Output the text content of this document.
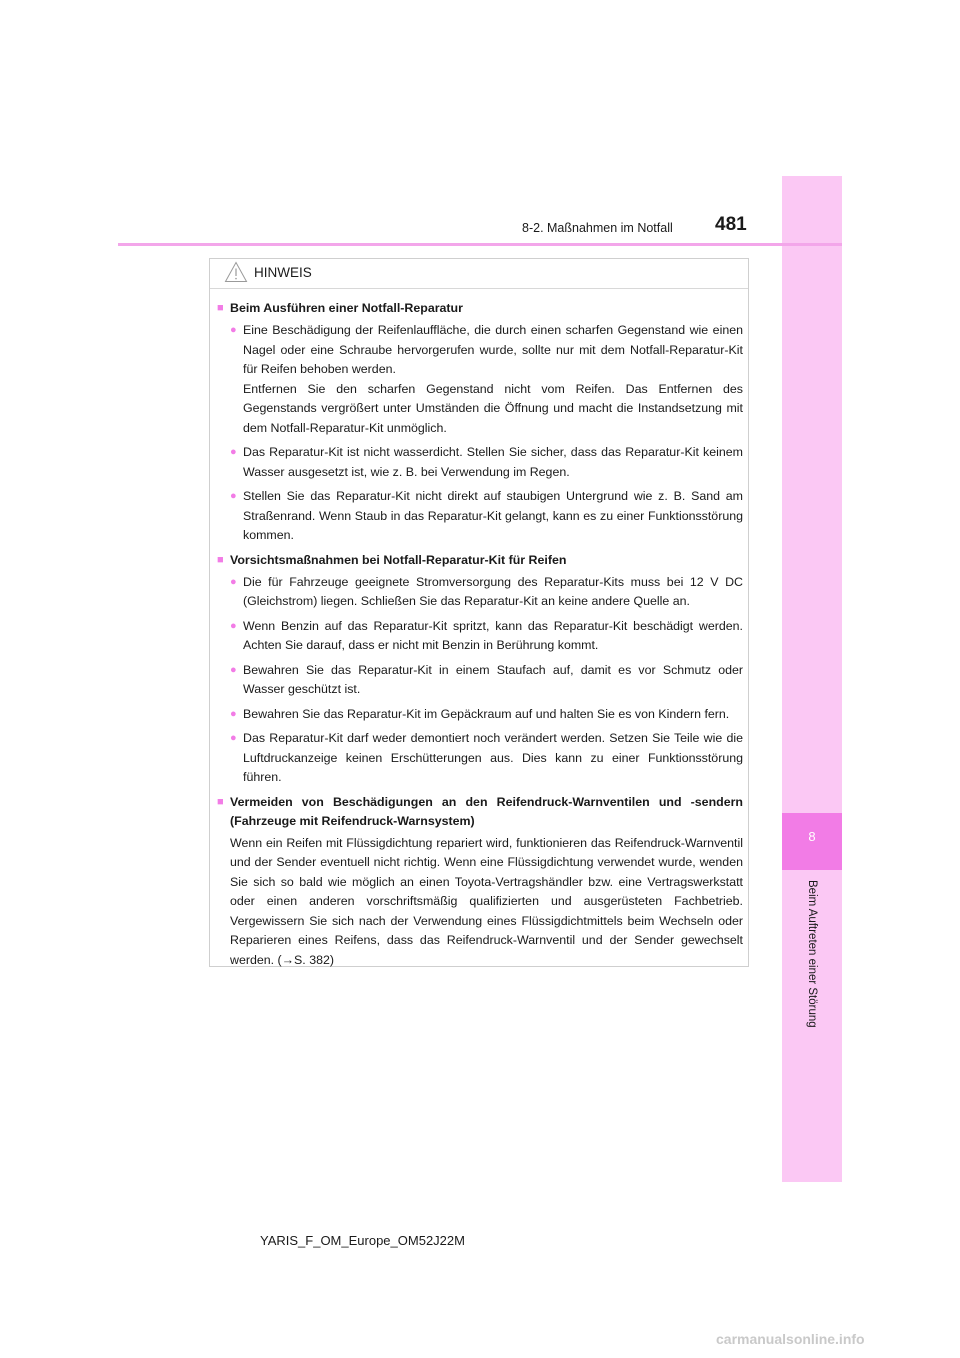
8
Beim Auftreten einer Störung
8-2. Maßnahmen im Notfall 481
HINWEIS
■ Beim Ausführen einer Notfall-Reparatur
● Eine Beschädigung der Reifenlauffläche, die durch einen scharfen Gegenstand wie einen Nagel oder eine Schraube hervorgerufen wurde, sollte nur mit dem Notfall-Reparatur-Kit für Reifen behoben werden.
Entfernen Sie den scharfen Gegenstand nicht vom Reifen. Das Entfernen des Gegenstands vergrößert unter Umständen die Öffnung und macht die Instandsetzung mit dem Notfall-Reparatur-Kit unmöglich.
● Das Reparatur-Kit ist nicht wasserdicht. Stellen Sie sicher, dass das Reparatur-Kit keinem Wasser ausgesetzt ist, wie z. B. bei Verwendung im Regen.
● Stellen Sie das Reparatur-Kit nicht direkt auf staubigen Untergrund wie z. B. Sand am Straßenrand. Wenn Staub in das Reparatur-Kit gelangt, kann es zu einer Funktionsstörung kommen.
■ Vorsichtsmaßnahmen bei Notfall-Reparatur-Kit für Reifen
● Die für Fahrzeuge geeignete Stromversorgung des Reparatur-Kits muss bei 12 V DC (Gleichstrom) liegen. Schließen Sie das Reparatur-Kit an keine andere Quelle an.
● Wenn Benzin auf das Reparatur-Kit spritzt, kann das Reparatur-Kit beschädigt werden. Achten Sie darauf, dass er nicht mit Benzin in Berührung kommt.
● Bewahren Sie das Reparatur-Kit in einem Staufach auf, damit es vor Schmutz oder Wasser geschützt ist.
● Bewahren Sie das Reparatur-Kit im Gepäckraum auf und halten Sie es von Kindern fern.
● Das Reparatur-Kit darf weder demontiert noch verändert werden. Setzen Sie Teile wie die Luftdruckanzeige keinen Erschütterungen aus. Dies kann zu einer Funktionsstörung führen.
■ Vermeiden von Beschädigungen an den Reifendruck-Warnventilen und -sendern (Fahrzeuge mit Reifendruck-Warnsystem)
Wenn ein Reifen mit Flüssigdichtung repariert wird, funktionieren das Reifendruck-Warnventil und der Sender eventuell nicht richtig. Wenn eine Flüssigdichtung verwendet wurde, wenden Sie sich so bald wie möglich an einen Toyota-Vertragshändler bzw. eine Vertragswerkstatt oder einen anderen vorschriftsmäßig qualifizierten und ausgerüsteten Fachbetrieb. Vergewissern Sie sich nach der Verwendung eines Flüssigdichtmittels beim Wechseln oder Reparieren eines Reifens, dass das Reifendruck-Warnventil und der Sender gewechselt werden. (→S. 382)
YARIS_F_OM_Europe_OM52J22M
carmanualsonline.info
